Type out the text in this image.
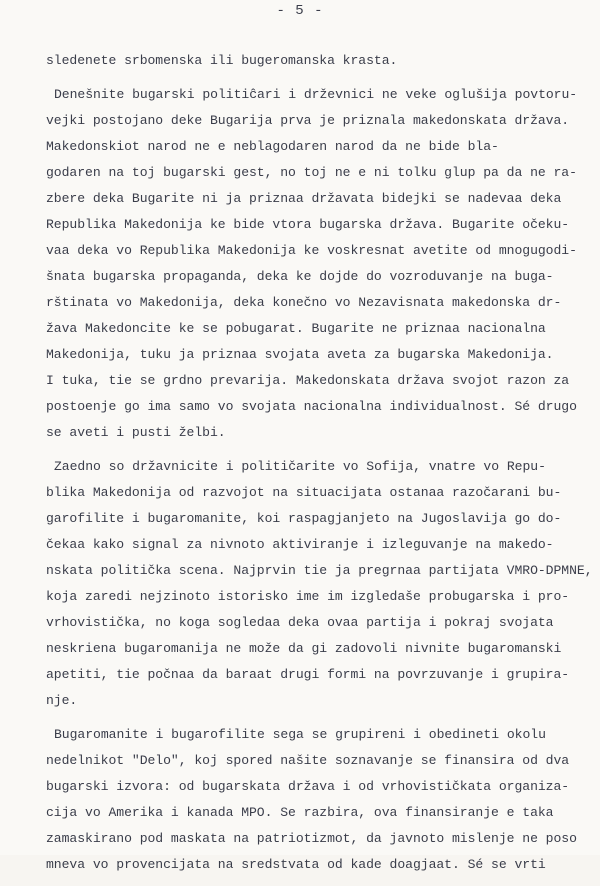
- 5 -
sledenete srbomenska ili bugeromanska krasta.
Denešnite bugarski politiĉari i drževnici ne veke oglušija povtoru-
vejki postojano deke Bugarija prva je priznala makedonskata država.
Makedonskiot narod ne e neblagodaren narod da ne bide bla-
godaren na toj bugarski gest, no toj ne e ni tolku glup pa da ne ra-
zbere deka Bugarite ni ja priznaa državata bidejki se nadevaa deka
Republika Makedonija ke bide vtora bugarska država. Bugarite očeku-
vaa deka vo Republika Makedonija ke voskresnat avetite od mnogugodi-
šnata bugarska propaganda, deka ke dojde do vozroduvanje na buga-
rštinata vo Makedonija, deka konečno vo Nezavisnata makedonska dr-
žava Makedoncite ke se pobugarat. Bugarite ne priznaa nacionalna
Makedonija, tuku ja priznaa svojata aveta za bugarska Makedonija.
I tuka, tie se grdno prevarija. Makedonskata država svojot razon za
postoenje go ima samo vo svojata nacionalna individualnost. Sé drugo
se aveti i pusti želbi.
Zaedno so državnicite i političarite vo Sofija, vnatre vo Repu-
blika Makedonija od razvojot na situacijata ostanaa razočarani bu-
garofilite i bugaromanite, koi raspagjanjeto na Jugoslavija go do-
čekaa kako signal za nivnoto aktiviranje i izleguvanje na makedo-
nskata politička scena. Najprvin tie ja pregrnaa partijata VMRO-DPMNE,
koja zaredi nejzinoto istorisko ime im izgledaše probugarska i pro-
vrhovistička, no koga sogledaa deka ovaa partija i pokraj svojata
neskriena bugaromanija ne može da gi zadovoli nivnite bugaromanski
apetiti, tie počnaa da baraat drugi formi na povrzuvanje i grupira-
nje.
Bugaromanite i bugarofilite sega se grupireni i obedineti okolu
nedelnikot "Delo", koj spored našite soznavanje se finansira od dva
bugarski izvora: od bugarskata država i od vrhovističkata organiza-
cija vo Amerika i kanada MPO. Se razbira, ova finansiranje e taka
zamaskirano pod maskata na patriotizmot, da javnoto mislenje ne poso
mneva vo provencijata na sredstvata od kade doagjaat. Sé se vrti
